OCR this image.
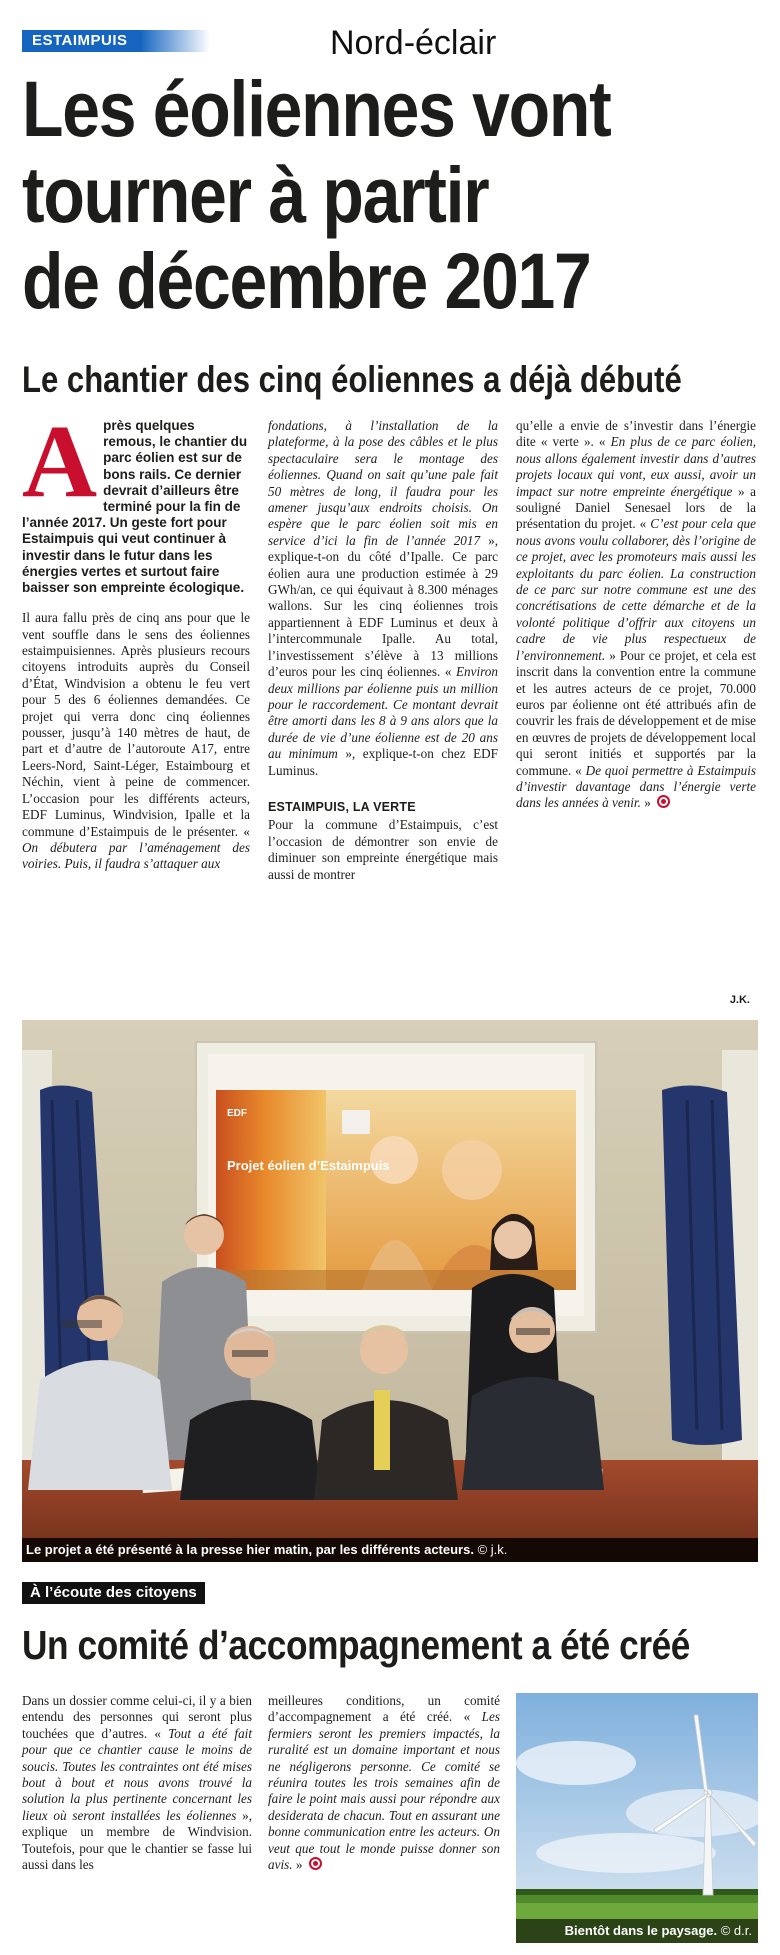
ESTAIMPUIS	Nord-éclair
Les éoliennes vont
tourner à partir
de décembre 2017
Le chantier des cinq éoliennes a déjà débuté
A près quelques remous, le chantier du parc éolien est sur de bons rails. Ce dernier devrait d’ailleurs être terminé pour la fin de l’année 2017. Un geste fort pour Estaimpuis qui veut continuer à investir dans le futur dans les énergies vertes et surtout faire baisser son empreinte écologique.

Il aura fallu près de cinq ans pour que le vent souffle dans le sens des éoliennes estaimpuisiennes. Après plusieurs recours citoyens introduits auprès du Conseil d’État, Windvision a obtenu le feu vert pour 5 des 6 éoliennes demandées. Ce projet qui verra donc cinq éoliennes pousser, jusqu’à 140 mètres de haut, de part et d’autre de l’autoroute A17, entre Leers-Nord, Saint-Léger, Estaimbourg et Néchin, vient à peine de commencer. L’occasion pour les différents acteurs, EDF Luminus, Windvision, Ipalle et la commune d’Estaimpuis de le présenter. « On débutera par l’aménagement des voiries. Puis, il faudra s’attaquer aux

fondations, à l’installation de la plateforme, à la pose des câbles et le plus spectaculaire sera le montage des éoliennes. Quand on sait qu’une pale fait 50 mètres de long, il faudra pour les amener jusqu’aux endroits choisis. On espère que le parc éolien soit mis en service d’ici la fin de l’année 2017 », explique-t-on du côté d’Ipalle. Ce parc éolien aura une production estimée à 29 GWh/an, ce qui équivaut à 8.300 ménages wallons. Sur les cinq éoliennes trois appartiennent à EDF Luminus et deux à l’intercommunale Ipalle. Au total, l’investissement s’élève à 13 millions d’euros pour les cinq éoliennes. « Environ deux millions par éolienne puis un million pour le raccordement. Ce montant devrait être amorti dans les 8 à 9 ans alors que la durée de vie d’une éolienne est de 20 ans au minimum », explique-t-on chez EDF Luminus.

ESTAIMPUIS, LA VERTE

Pour la commune d’Estaimpuis, c’est l’occasion de démontrer son envie de diminuer son empreinte énergétique mais aussi de montrer

qu’elle a envie de s’investir dans l’énergie dite « verte ». « En plus de ce parc éolien, nous allons également investir dans d’autres projets locaux qui vont, eux aussi, avoir un impact sur notre empreinte énergétique » a souligné Daniel Senesael lors de la présentation du projet. « C’est pour cela que nous avons voulu collaborer, dès l’origine de ce projet, avec les promoteurs mais aussi les exploitants du parc éolien. La construction de ce parc sur notre commune est une des concrétisations de cette démarche et de la volonté politique d’offrir aux citoyens un cadre de vie plus respectueux de l’environnement. » Pour ce projet, et cela est inscrit dans la convention entre la commune et les autres acteurs de ce projet, 70.000 euros par éolienne ont été attribués afin de couvrir les frais de développement et de mise en œuvres de projets de développement local qui seront initiés et supportés par la commune. « De quoi permettre à Estaimpuis d’investir davantage dans l’énergie verte dans les années à venir. »

J.K.
EDF
Projet éolien d’Estaimpuis
Le projet a été présenté à la presse hier matin, par les différents acteurs. © j.k.
À l’écoute des citoyens
Un comité d’accompagnement a été créé

Dans un dossier comme celui-ci, il y a bien entendu des personnes qui seront plus touchées que d’autres. « Tout a été fait pour que ce chantier cause le moins de soucis. Toutes les contraintes ont été mises bout à bout et nous avons trouvé la solution la plus pertinente concernant les lieux où seront installées les éoliennes », explique un membre de Windvision. Toutefois, pour que le chantier se fasse lui aussi dans les

meilleures conditions, un comité d’accompagnement a été créé. « Les fermiers seront les premiers impactés, la ruralité est un domaine important et nous ne négligerons personne. Ce comité se réunira toutes les trois semaines afin de faire le point mais aussi pour répondre aux desiderata de chacun. Tout en assurant une bonne communication entre les acteurs. On veut que tout le monde puisse donner son avis. »

Bientôt dans le paysage. © d.r.
